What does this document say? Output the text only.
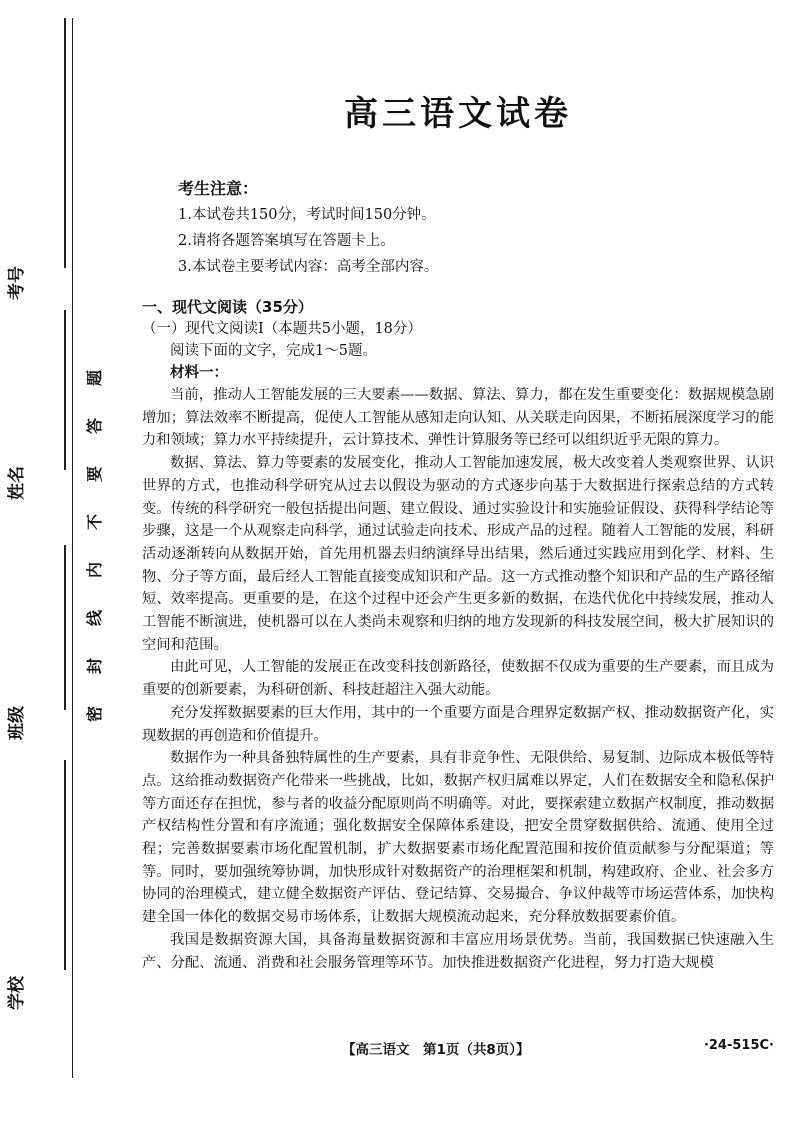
考号
姓名
班级
学校
题
答
要
不
内
线
封
密
高三语文试卷
考生注意：
1.本试卷共150分，考试时间150分钟。
2.请将各题答案填写在答题卡上。
3.本试卷主要考试内容：高考全部内容。
一、现代文阅读（35分）
（一）现代文阅读Ⅰ（本题共5小题，18分）
阅读下面的文字，完成1～5题。
材料一：

当前，推动人工智能发展的三大要素——数据、算法、算力，都在发生重要变化：数据规模急剧增加；算法效率不断提高，促使人工智能从感知走向认知、从关联走向因果，不断拓展深度学习的能力和领域；算力水平持续提升，云计算技术、弹性计算服务等已经可以组织近乎无限的算力。

数据、算法、算力等要素的发展变化，推动人工智能加速发展，极大改变着人类观察世界、认识世界的方式，也推动科学研究从过去以假设为驱动的方式逐步向基于大数据进行探索总结的方式转变。传统的科学研究一般包括提出问题、建立假设、通过实验设计和实施验证假设、获得科学结论等步骤，这是一个从观察走向科学，通过试验走向技术、形成产品的过程。随着人工智能的发展，科研活动逐渐转向从数据开始，首先用机器去归纳演绎导出结果，然后通过实践应用到化学、材料、生物、分子等方面，最后经人工智能直接变成知识和产品。这一方式推动整个知识和产品的生产路径缩短、效率提高。更重要的是，在这个过程中还会产生更多新的数据，在迭代优化中持续发展，推动人工智能不断演进，使机器可以在人类尚未观察和归纳的地方发现新的科技发展空间，极大扩展知识的空间和范围。

由此可见，人工智能的发展正在改变科技创新路径，使数据不仅成为重要的生产要素，而且成为重要的创新要素，为科研创新、科技赶超注入强大动能。

充分发挥数据要素的巨大作用，其中的一个重要方面是合理界定数据产权、推动数据资产化，实现数据的再创造和价值提升。

数据作为一种具备独特属性的生产要素，具有非竞争性、无限供给、易复制、边际成本极低等特点。这给推动数据资产化带来一些挑战，比如，数据产权归属难以界定，人们在数据安全和隐私保护等方面还存在担忧，参与者的收益分配原则尚不明确等。对此，要探索建立数据产权制度，推动数据产权结构性分置和有序流通；强化数据安全保障体系建设，把安全贯穿数据供给、流通、使用全过程；完善数据要素市场化配置机制，扩大数据要素市场化配置范围和按价值贡献参与分配渠道；等等。同时，要加强统筹协调，加快形成针对数据资产的治理框架和机制，构建政府、企业、社会多方协同的治理模式，建立健全数据资产评估、登记结算、交易撮合、争议仲裁等市场运营体系，加快构建全国一体化的数据交易市场体系，让数据大规模流动起来，充分释放数据要素价值。

我国是数据资源大国，具备海量数据资源和丰富应用场景优势。当前，我国数据已快速融入生产、分配、流通、消费和社会服务管理等环节。加快推进数据资产化进程，努力打造大规模

【高三语文　第1页（共8页）】	·24-515C·
